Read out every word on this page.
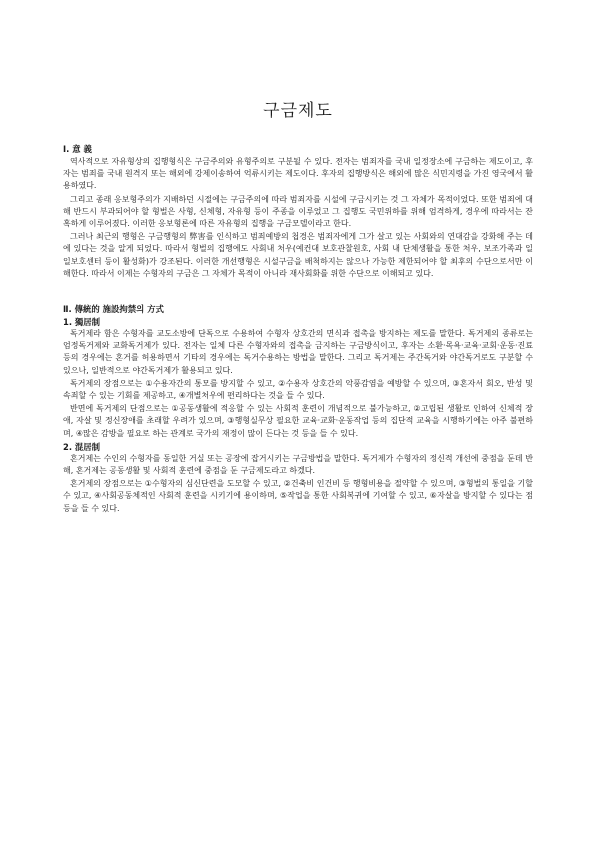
구금제도
Ⅰ. 意 義

역사적으로 자유형상의 집행형식은 구금주의와 유형주의로 구분될 수 있다. 전자는 범죄자를 국내 일정장소에 구금하는 제도이고, 후자는 범죄를 국내 원격지 또는 해외에 강제이송하여 억류시키는 제도이다. 후자의 집행방식은 해외에 많은 식민지령을 가진 영국에서 활용하였다.

그리고 종래 응보형주의가 지배하던 시절에는 구금주의에 따라 범죄자를 시설에 구금시키는 것 그 자체가 목적이었다. 또한 범죄에 대해 반드시 부과되어야 할 형벌은 사형, 신체형, 자유형 등이 주종을 이루었고 그 집행도 국민위하를 위해 엄격하게, 경우에 따라서는 잔혹하게 이루어졌다. 이러한 응보형론에 따른 자유형의 집행을 구금모델이라고 한다.

그러나 최근의 행형은 구금행형의 弊害를 인식하고 범죄예방의 첩경은 범죄자에게 그가 살고 있는 사회와의 연대감을 강화해 주는 데에 있다는 것을 알게 되었다. 따라서 형벌의 집행에도 사회내 처우(예컨대 보호관찰원호, 사회 내 단체생활을 통한 처우, 보조가족과 일일보호센터 등이 활성화)가 강조된다. 이러한 개선행형은 시설구금을 배척하지는 않으나 가능한 제한되어야 할 최후의 수단으로서만 이해한다. 따라서 이제는 수형자의 구금은 그 자체가 목적이 아니라 재사회화를 위한 수단으로 이해되고 있다.

Ⅱ. 傳統的 施設拘禁의 方式
1. 獨居制

독거제라 함은 수형자를 교도소방에 단독으로 수용하여 수형자 상호간의 면식과 접촉을 방지하는 제도를 말한다. 독거제의 종류로는 엄정독거제와 교화독거제가 있다. 전자는 일체 다른 수형자와의 접촉을 금지하는 구금방식이고, 후자는 소환·목욕·교육·교회·운동·진료 등의 경우에는 혼거를 허용하면서 기타의 경우에는 독거수용하는 방법을 말한다. 그리고 독거제는 주간독거와 야간독거로도 구분할 수 있으나, 일반적으로 야간독거제가 활용되고 있다.

독거제의 장점으로는 ①수용자간의 통모를 방지할 수 있고, ②수용자 상호간의 악풍감염을 예방할 수 있으며, ③혼자서 회오, 반성 및 속죄할 수 있는 기회를 제공하고, ④개별처우에 편리하다는 것을 들 수 있다.

반면에 독거제의 단점으로는 ①공동생활에 적응할 수 있는 사회적 훈련이 개념적으로 불가능하고, ②고립된 생활로 인하여 신체적 장애, 자살 및 정신장애를 초래할 우려가 있으며, ③행형실무상 필요한 교육·교화·운동작업 등의 집단적 교육을 시행하기에는 아주 불편하며, ④많은 감방을 필요로 하는 관계로 국가의 재정이 많이 든다는 것 등을 들 수 있다.

2. 混居制

혼거제는 수인의 수형자를 동일한 거실 또는 공장에 잡거시키는 구금방법을 말한다. 독거제가 수형자의 정신적 개선에 중점을 둔데 반해, 혼거제는 공동생활 및 사회적 훈련에 중점을 둔 구금제도라고 하겠다.

혼거제의 장점으로는 ①수형자의 심신단련을 도모할 수 있고, ②건축비 인건비 등 행형비용을 절약할 수 있으며, ③형벌의 통일을 기할 수 있고, ④사회공동체적인 사회적 훈련을 시키기에 용이하며, ⑤작업을 통한 사회복귀에 기여할 수 있고, ⑥자살을 방지할 수 있다는 점 등을 들 수 있다.
